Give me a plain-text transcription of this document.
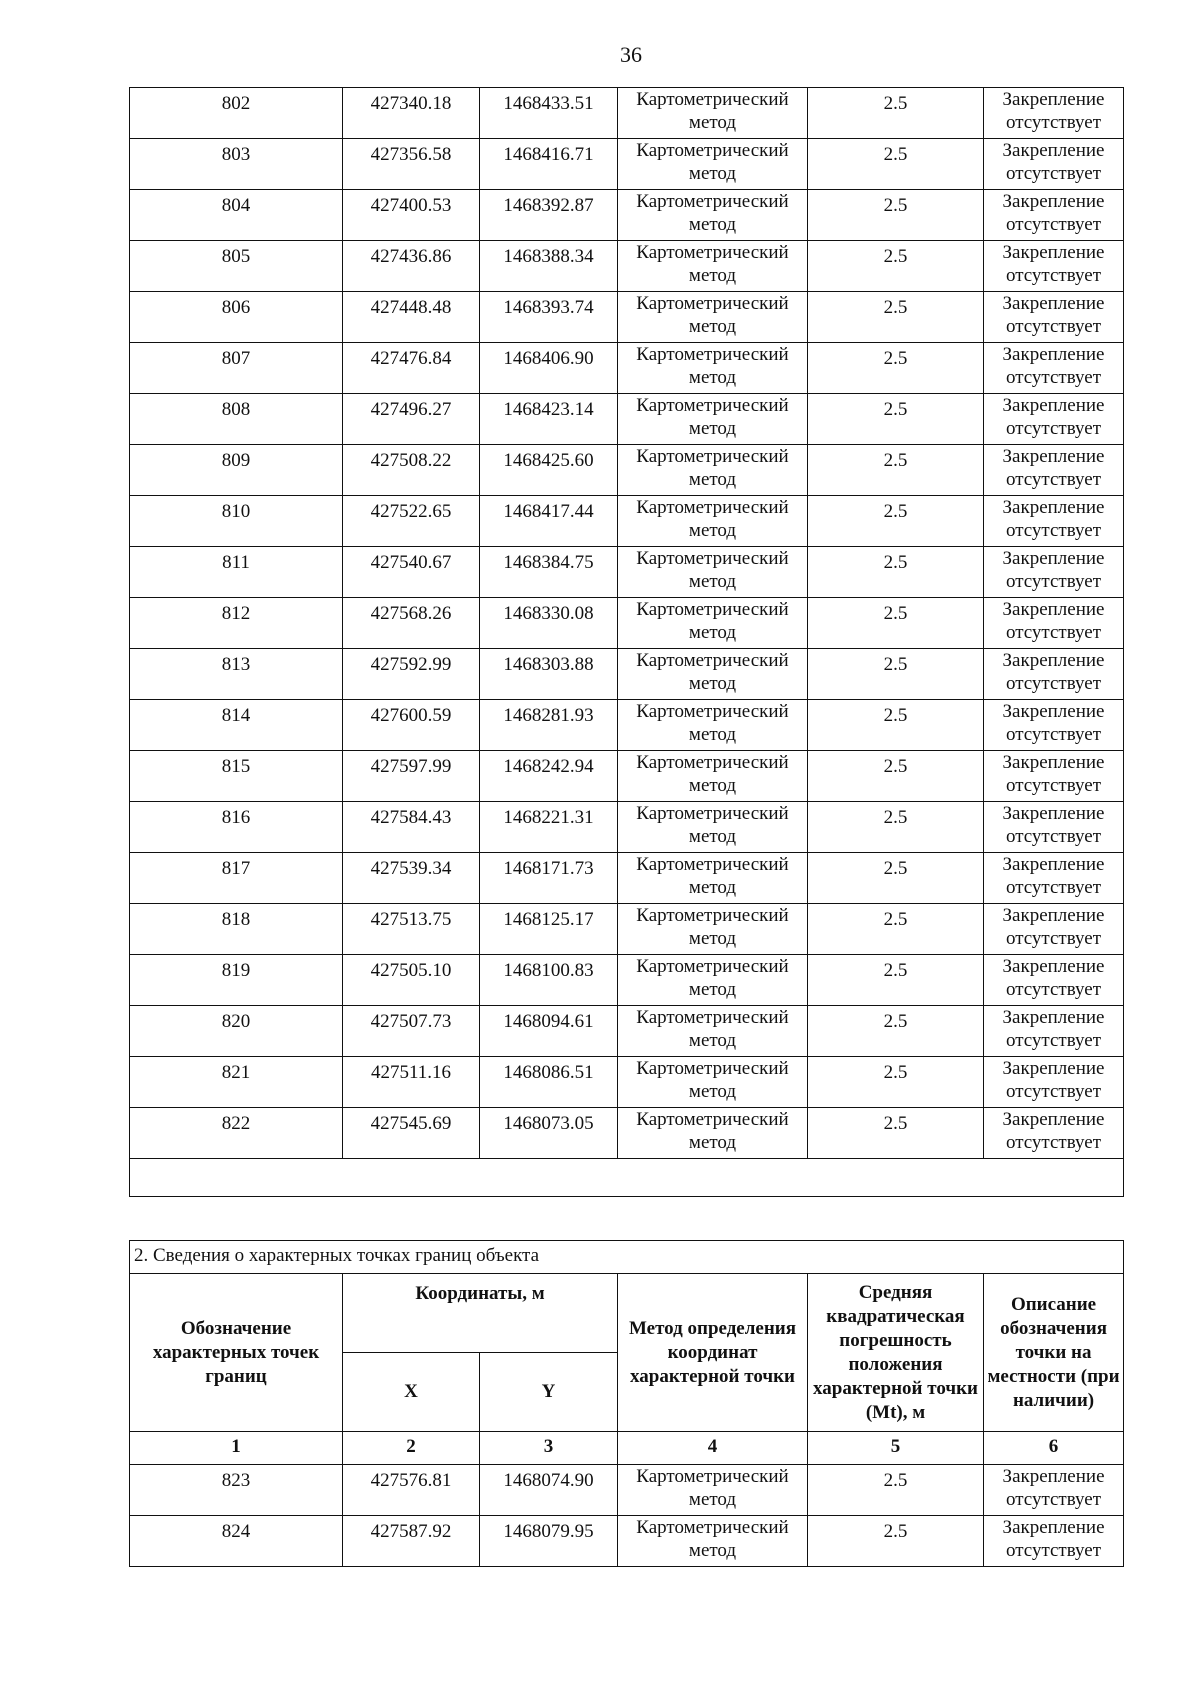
36
802	427340.18	1468433.51	Картометрический метод	2.5	Закрепление отсутствует
803	427356.58	1468416.71	Картометрический метод	2.5	Закрепление отсутствует
804	427400.53	1468392.87	Картометрический метод	2.5	Закрепление отсутствует
805	427436.86	1468388.34	Картометрический метод	2.5	Закрепление отсутствует
806	427448.48	1468393.74	Картометрический метод	2.5	Закрепление отсутствует
807	427476.84	1468406.90	Картометрический метод	2.5	Закрепление отсутствует
808	427496.27	1468423.14	Картометрический метод	2.5	Закрепление отсутствует
809	427508.22	1468425.60	Картометрический метод	2.5	Закрепление отсутствует
810	427522.65	1468417.44	Картометрический метод	2.5	Закрепление отсутствует
811	427540.67	1468384.75	Картометрический метод	2.5	Закрепление отсутствует
812	427568.26	1468330.08	Картометрический метод	2.5	Закрепление отсутствует
813	427592.99	1468303.88	Картометрический метод	2.5	Закрепление отсутствует
814	427600.59	1468281.93	Картометрический метод	2.5	Закрепление отсутствует
815	427597.99	1468242.94	Картометрический метод	2.5	Закрепление отсутствует
816	427584.43	1468221.31	Картометрический метод	2.5	Закрепление отсутствует
817	427539.34	1468171.73	Картометрический метод	2.5	Закрепление отсутствует
818	427513.75	1468125.17	Картометрический метод	2.5	Закрепление отсутствует
819	427505.10	1468100.83	Картометрический метод	2.5	Закрепление отсутствует
820	427507.73	1468094.61	Картометрический метод	2.5	Закрепление отсутствует
821	427511.16	1468086.51	Картометрический метод	2.5	Закрепление отсутствует
822	427545.69	1468073.05	Картометрический метод	2.5	Закрепление отсутствует

2. Сведения о характерных точках границ объекта					
Обозначение характерных точек границ	Координаты, м		Метод определения координат характерной точки	Средняя квадратическая погрешность положения характерной точки (Mt), м	Описание обозначения точки на местности (при наличии)
	X	Y			
1	2	3	4	5	6
823	427576.81	1468074.90	Картометрический метод	2.5	Закрепление отсутствует
824	427587.92	1468079.95	Картометрический метод	2.5	Закрепление отсутствует
